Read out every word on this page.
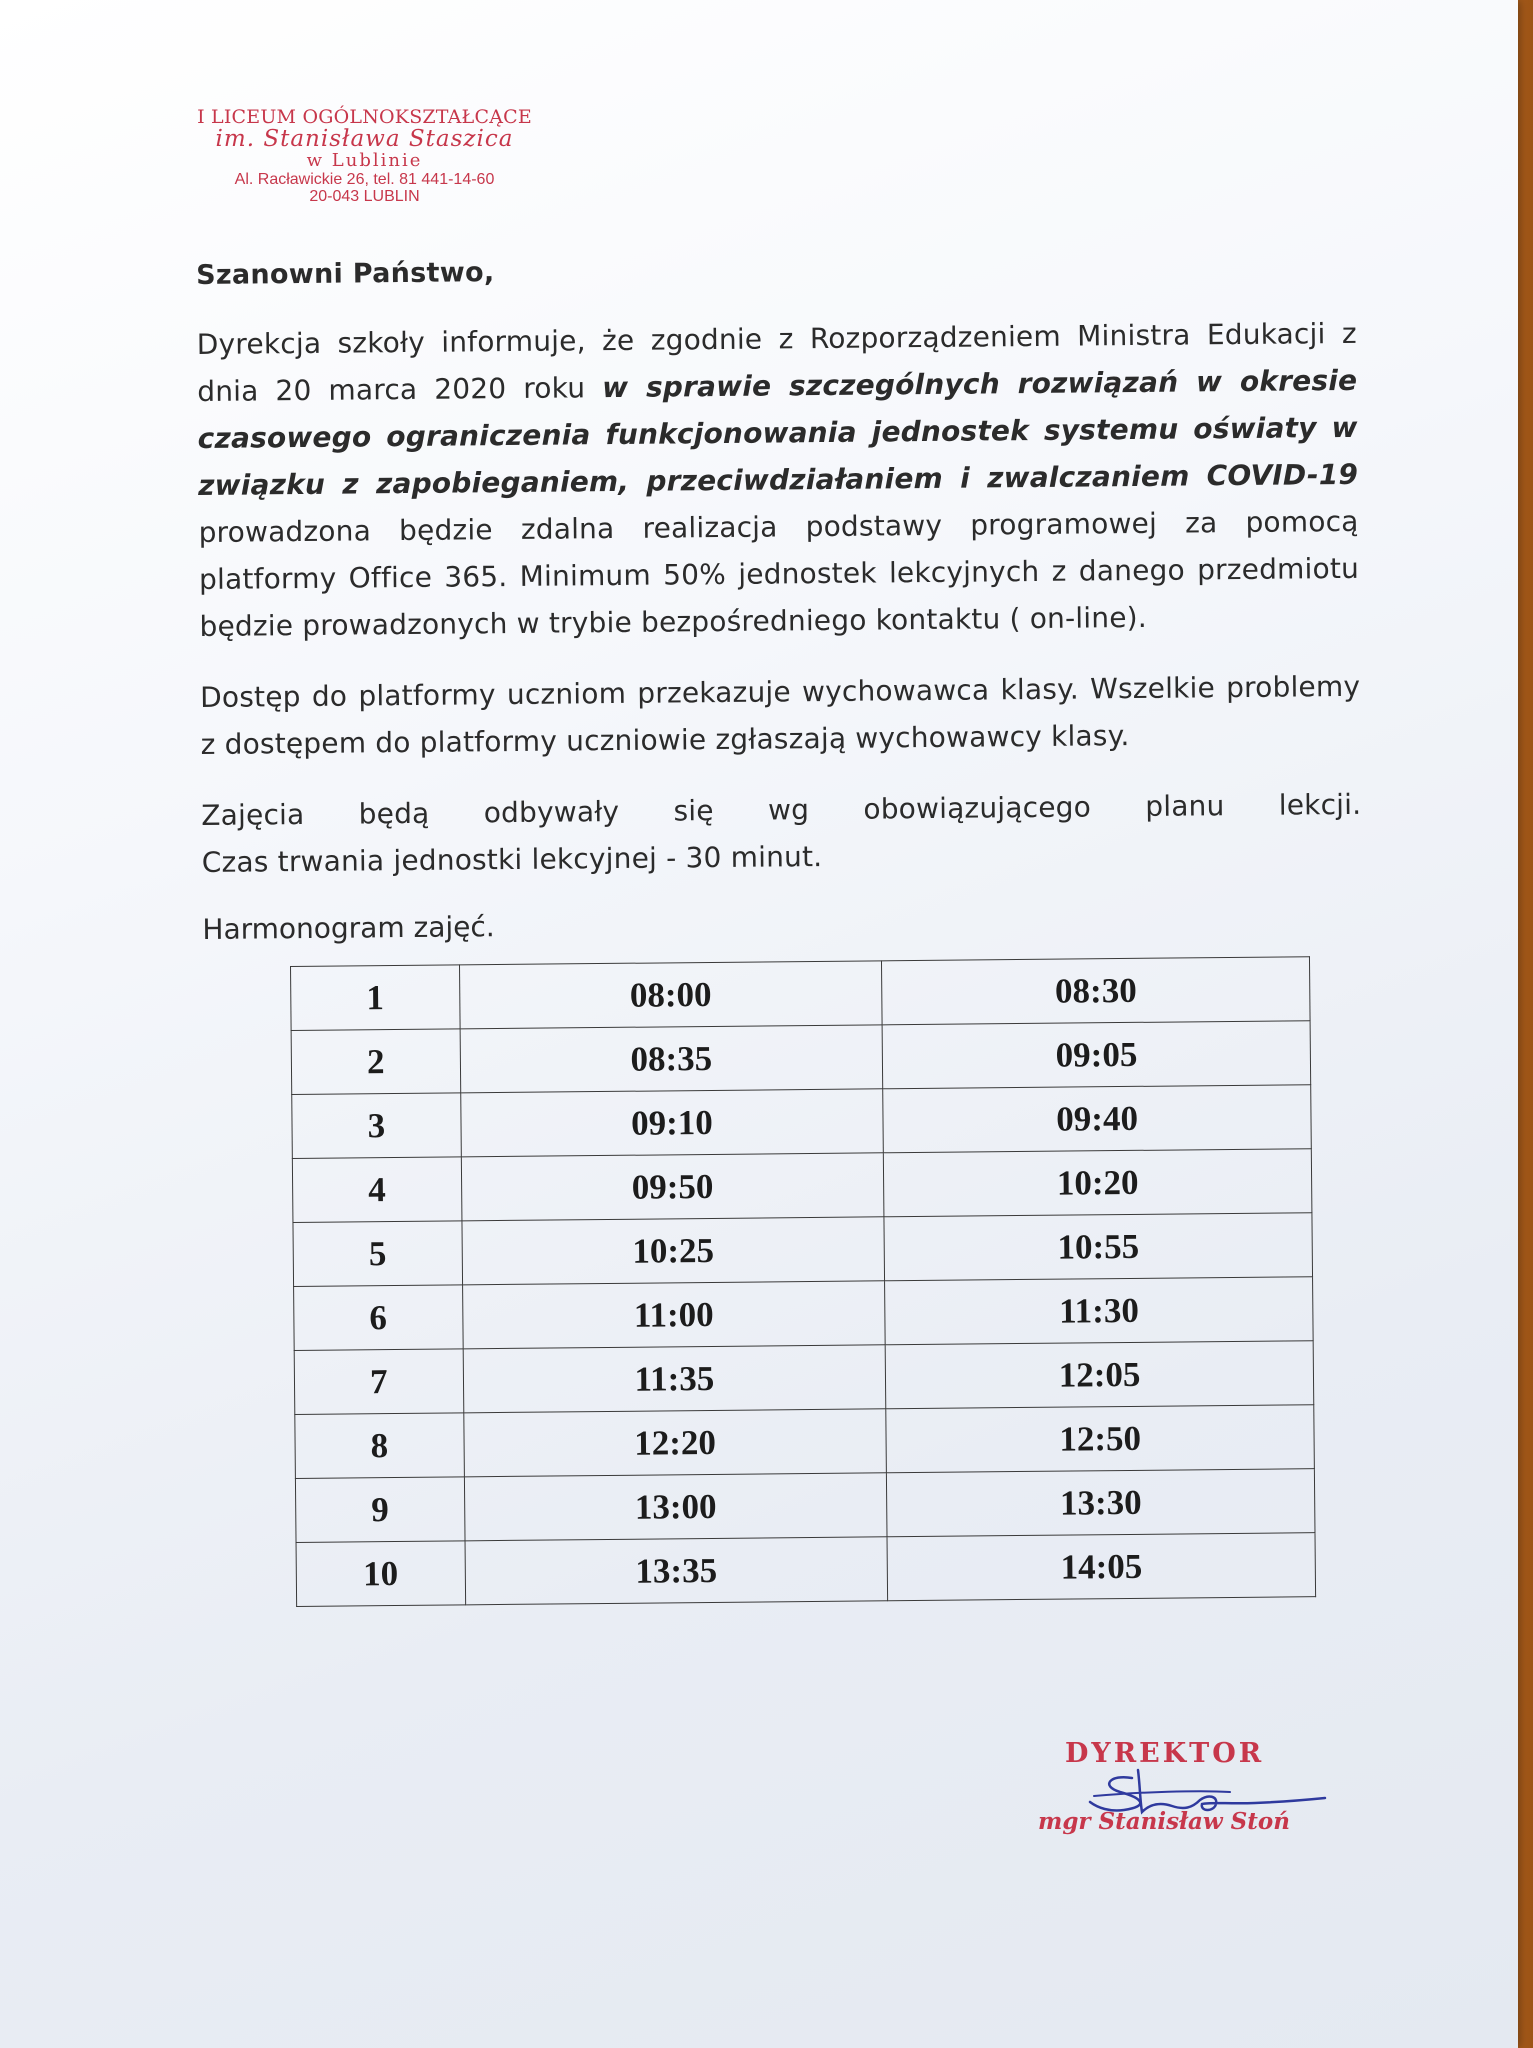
I LICEUM OGÓLNOKSZTAŁCĄCE
im. Stanisława Staszica
w Lublinie
Al. Racławickie 26, tel. 81 441-14-60
20-043 LUBLIN

Szanowni Państwo,

Dyrekcja szkoły informuje, że zgodnie z Rozporządzeniem Ministra Edukacji z dnia 20 marca 2020 roku w sprawie szczególnych rozwiązań w okresie czasowego ograniczenia funkcjonowania jednostek systemu oświaty w związku z zapobieganiem, przeciwdziałaniem i zwalczaniem COVID-19 prowadzona będzie zdalna realizacja podstawy programowej za pomocą platformy Office 365. Minimum 50% jednostek lekcyjnych z danego przedmiotu będzie prowadzonych w trybie bezpośredniego kontaktu ( on-line).

Dostęp do platformy uczniom przekazuje wychowawca klasy. Wszelkie problemy z dostępem do platformy uczniowie zgłaszają wychowawcy klasy.

Zajęcia będą odbywały się wg obowiązującego planu lekcji.
Czas trwania jednostki lekcyjnej - 30 minut.

Harmonogram zajęć.

1	08:00	08:30
2	08:35	09:05
3	09:10	09:40
4	09:50	10:20
5	10:25	10:55
6	11:00	11:30
7	11:35	12:05
8	12:20	12:50
9	13:00	13:30
10	13:35	14:05
DYREKTOR
mgr Stanisław Stoń
